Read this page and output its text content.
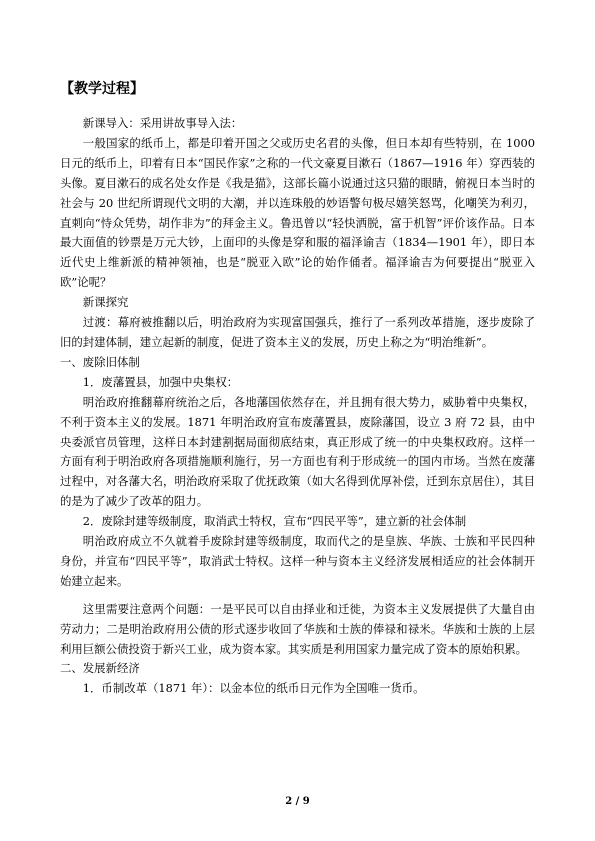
【教学过程】

新课导入：采用讲故事导入法：

一般国家的纸币上，都是印着开国之父或历史名君的头像，但日本却有些特别，在 1000 日元的纸币上，印着有日本“国民作家”之称的一代文豪夏目漱石（1867—1916 年）穿西装的头像。夏目漱石的成名处女作是《我是猫》，这部长篇小说通过这只猫的眼睛，俯视日本当时的社会与 20 世纪所谓现代文明的大潮，并以连珠般的妙语警句极尽嬉笑怒骂，化嘲笑为利刃，直刺向“恃众凭势，胡作非为”的拜金主义。鲁迅曾以“轻快洒脱，富于机智”评价该作品。日本最大面值的钞票是万元大钞，上面印的头像是穿和服的福泽谕吉（1834—1901 年），即日本近代史上维新派的精神领袖，也是“脱亚入欧”论的始作俑者。福泽谕吉为何要提出“脱亚入欧”论呢？

新课探究

过渡：幕府被推翻以后，明治政府为实现富国强兵，推行了一系列改革措施，逐步废除了旧的封建体制，建立起新的制度，促进了资本主义的发展，历史上称之为“明治维新”。

一、废除旧体制

1．废藩置县，加强中央集权：

明治政府推翻幕府统治之后，各地藩国依然存在，并且拥有很大势力，威胁着中央集权，不利于资本主义的发展。1871 年明治政府宣布废藩置县，废除藩国，设立 3 府 72 县，由中央委派官员管理，这样日本封建割据局面彻底结束，真正形成了统一的中央集权政府。这样一方面有利于明治政府各项措施顺利施行，另一方面也有利于形成统一的国内市场。当然在废藩过程中，对各藩大名，明治政府采取了优抚政策（如大名得到优厚补偿，迁到东京居住），其目的是为了减少了改革的阻力。

2．废除封建等级制度，取消武士特权，宣布“四民平等”，建立新的社会体制

明治政府成立不久就着手废除封建等级制度，取而代之的是皇族、华族、士族和平民四种身份，并宣布“四民平等”，取消武士特权。这样一种与资本主义经济发展相适应的社会体制开始建立起来。

这里需要注意两个问题：一是平民可以自由择业和迁徙，为资本主义发展提供了大量自由劳动力；二是明治政府用公债的形式逐步收回了华族和士族的俸禄和禄米。华族和士族的上层利用巨额公债投资于新兴工业，成为资本家。其实质是利用国家力量完成了资本的原始积累。

二、发展新经济

1．币制改革（1871 年）：以金本位的纸币日元作为全国唯一货币。

2 / 9
